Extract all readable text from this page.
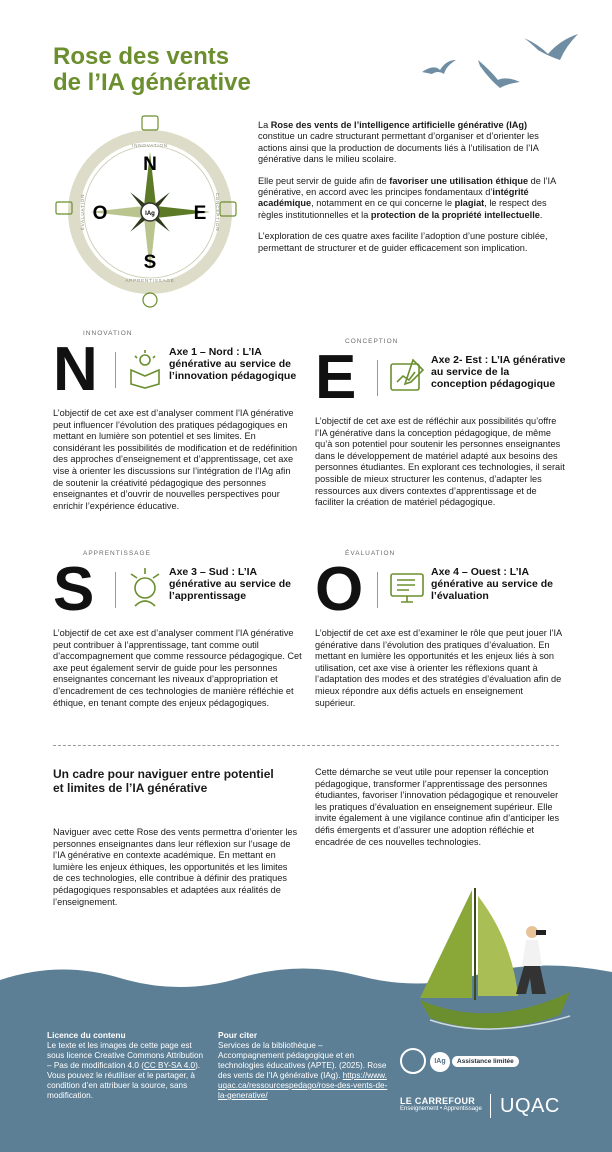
Rose des vents
de l’IA générative
IAg
N
S
O	E
INNOVATION
APPRENTISSAGE
ÉVALUATION	CONCEPTION

La Rose des vents de l’intelligence artificielle générative (IAg) constitue un cadre structurant permettant d’organiser et d’orienter les actions ainsi que la production de documents liés à l’utilisation de l’IA générative dans le milieu scolaire.

Elle peut servir de guide afin de favoriser une utilisation éthique de l’IA générative, en accord avec les principes fondamentaux d’intégrité académique, notamment en ce qui concerne le plagiat, le respect des règles institutionnelles et la protection de la propriété intellectuelle.

L’exploration de ces quatre axes facilite l’adoption d’une posture ciblée, permettant de structurer et de guider efficacement son implication.

INNOVATION
N	Axe 1 – Nord : L’IA générative au service de l’innovation pédagogique
L’objectif de cet axe est d’analyser comment l’IA générative peut influencer l’évolution des pratiques pédagogiques en mettant en lumière son potentiel et ses limites. En considérant les possibilités de modification et de redéfinition des approches d’enseignement et d’apprentissage, cet axe vise à orienter les discussions sur l’intégration de l’IAg afin de soutenir la créativité pédagogique des personnes enseignantes et d’ouvrir de nouvelles perspectives pour enrichir l’expérience éducative.
CONCEPTION
E	Axe 2- Est : L’IA générative au service de la conception pédagogique
L’objectif de cet axe est de réfléchir aux possibilités qu’offre l’IA générative dans la conception pédagogique, de même qu’à son potentiel pour soutenir les personnes enseignantes dans le développement de matériel adapté aux besoins des personnes étudiantes. En explorant ces technologies, il serait possible de mieux structurer les contenus, d’adapter les ressources aux divers contextes d’apprentissage et de faciliter la création de matériel pédagogique.
APPRENTISSAGE
S	Axe 3 – Sud : L’IA générative au service de l’apprentissage
L’objectif de cet axe est d’analyser comment l’IA générative peut contribuer à l’apprentissage, tant comme outil d’accompagnement que comme ressource pédagogique. Cet axe peut également servir de guide pour les personnes enseignantes concernant les niveaux d’appropriation et d’encadrement de ces technologies de manière réfléchie et éthique, en tenant compte des enjeux pédagogiques.
ÉVALUATION
O	Axe 4 – Ouest : L’IA générative au service de l’évaluation
L’objectif de cet axe est d’examiner le rôle que peut jouer l’IA générative dans l’évolution des pratiques d’évaluation. En mettant en lumière les opportunités et les enjeux liés à son utilisation, cet axe vise à orienter les réflexions quant à l’adaptation des modes et des stratégies d’évaluation afin de mieux répondre aux défis actuels en enseignement supérieur.
Un cadre pour naviguer entre potentiel et limites de l’IA générative
Naviguer avec cette Rose des vents permettra d’orienter les personnes enseignantes dans leur réflexion sur l’usage de l’IA générative en contexte académique. En mettant en lumière les enjeux éthiques, les opportunités et les limites de ces technologies, elle contribue à définir des pratiques pédagogiques responsables et adaptées aux réalités de l’enseignement.
Cette démarche se veut utile pour repenser la conception pédagogique, transformer l’apprentissage des personnes étudiantes, favoriser l’innovation pédagogique et renouveler les pratiques d’évaluation en enseignement supérieur. Elle invite également à une vigilance continue afin d’anticiper les défis émergents et d’assurer une adoption réfléchie et encadrée de ces nouvelles technologies.
Licence du contenu
Le texte et les images de cette page est sous licence Creative Commons Attribution – Pas de modification 4.0 (CC BY-SA 4.0). Vous pouvez le réutiliser et le partager, à condition d’en attribuer la source, sans modification.
Pour citer
Services de la bibliothèque – Accompagnement pédagogique et en technologies éducatives (APTE). (2025). Rose des vents de l’IA générative (IAg). https://www.uqac.ca/ressourcespedago/rose-des-vents-de-la-generative/
IAg	Assistance limitée
LE CARREFOUR
Enseignement • Apprentissage UQAC
